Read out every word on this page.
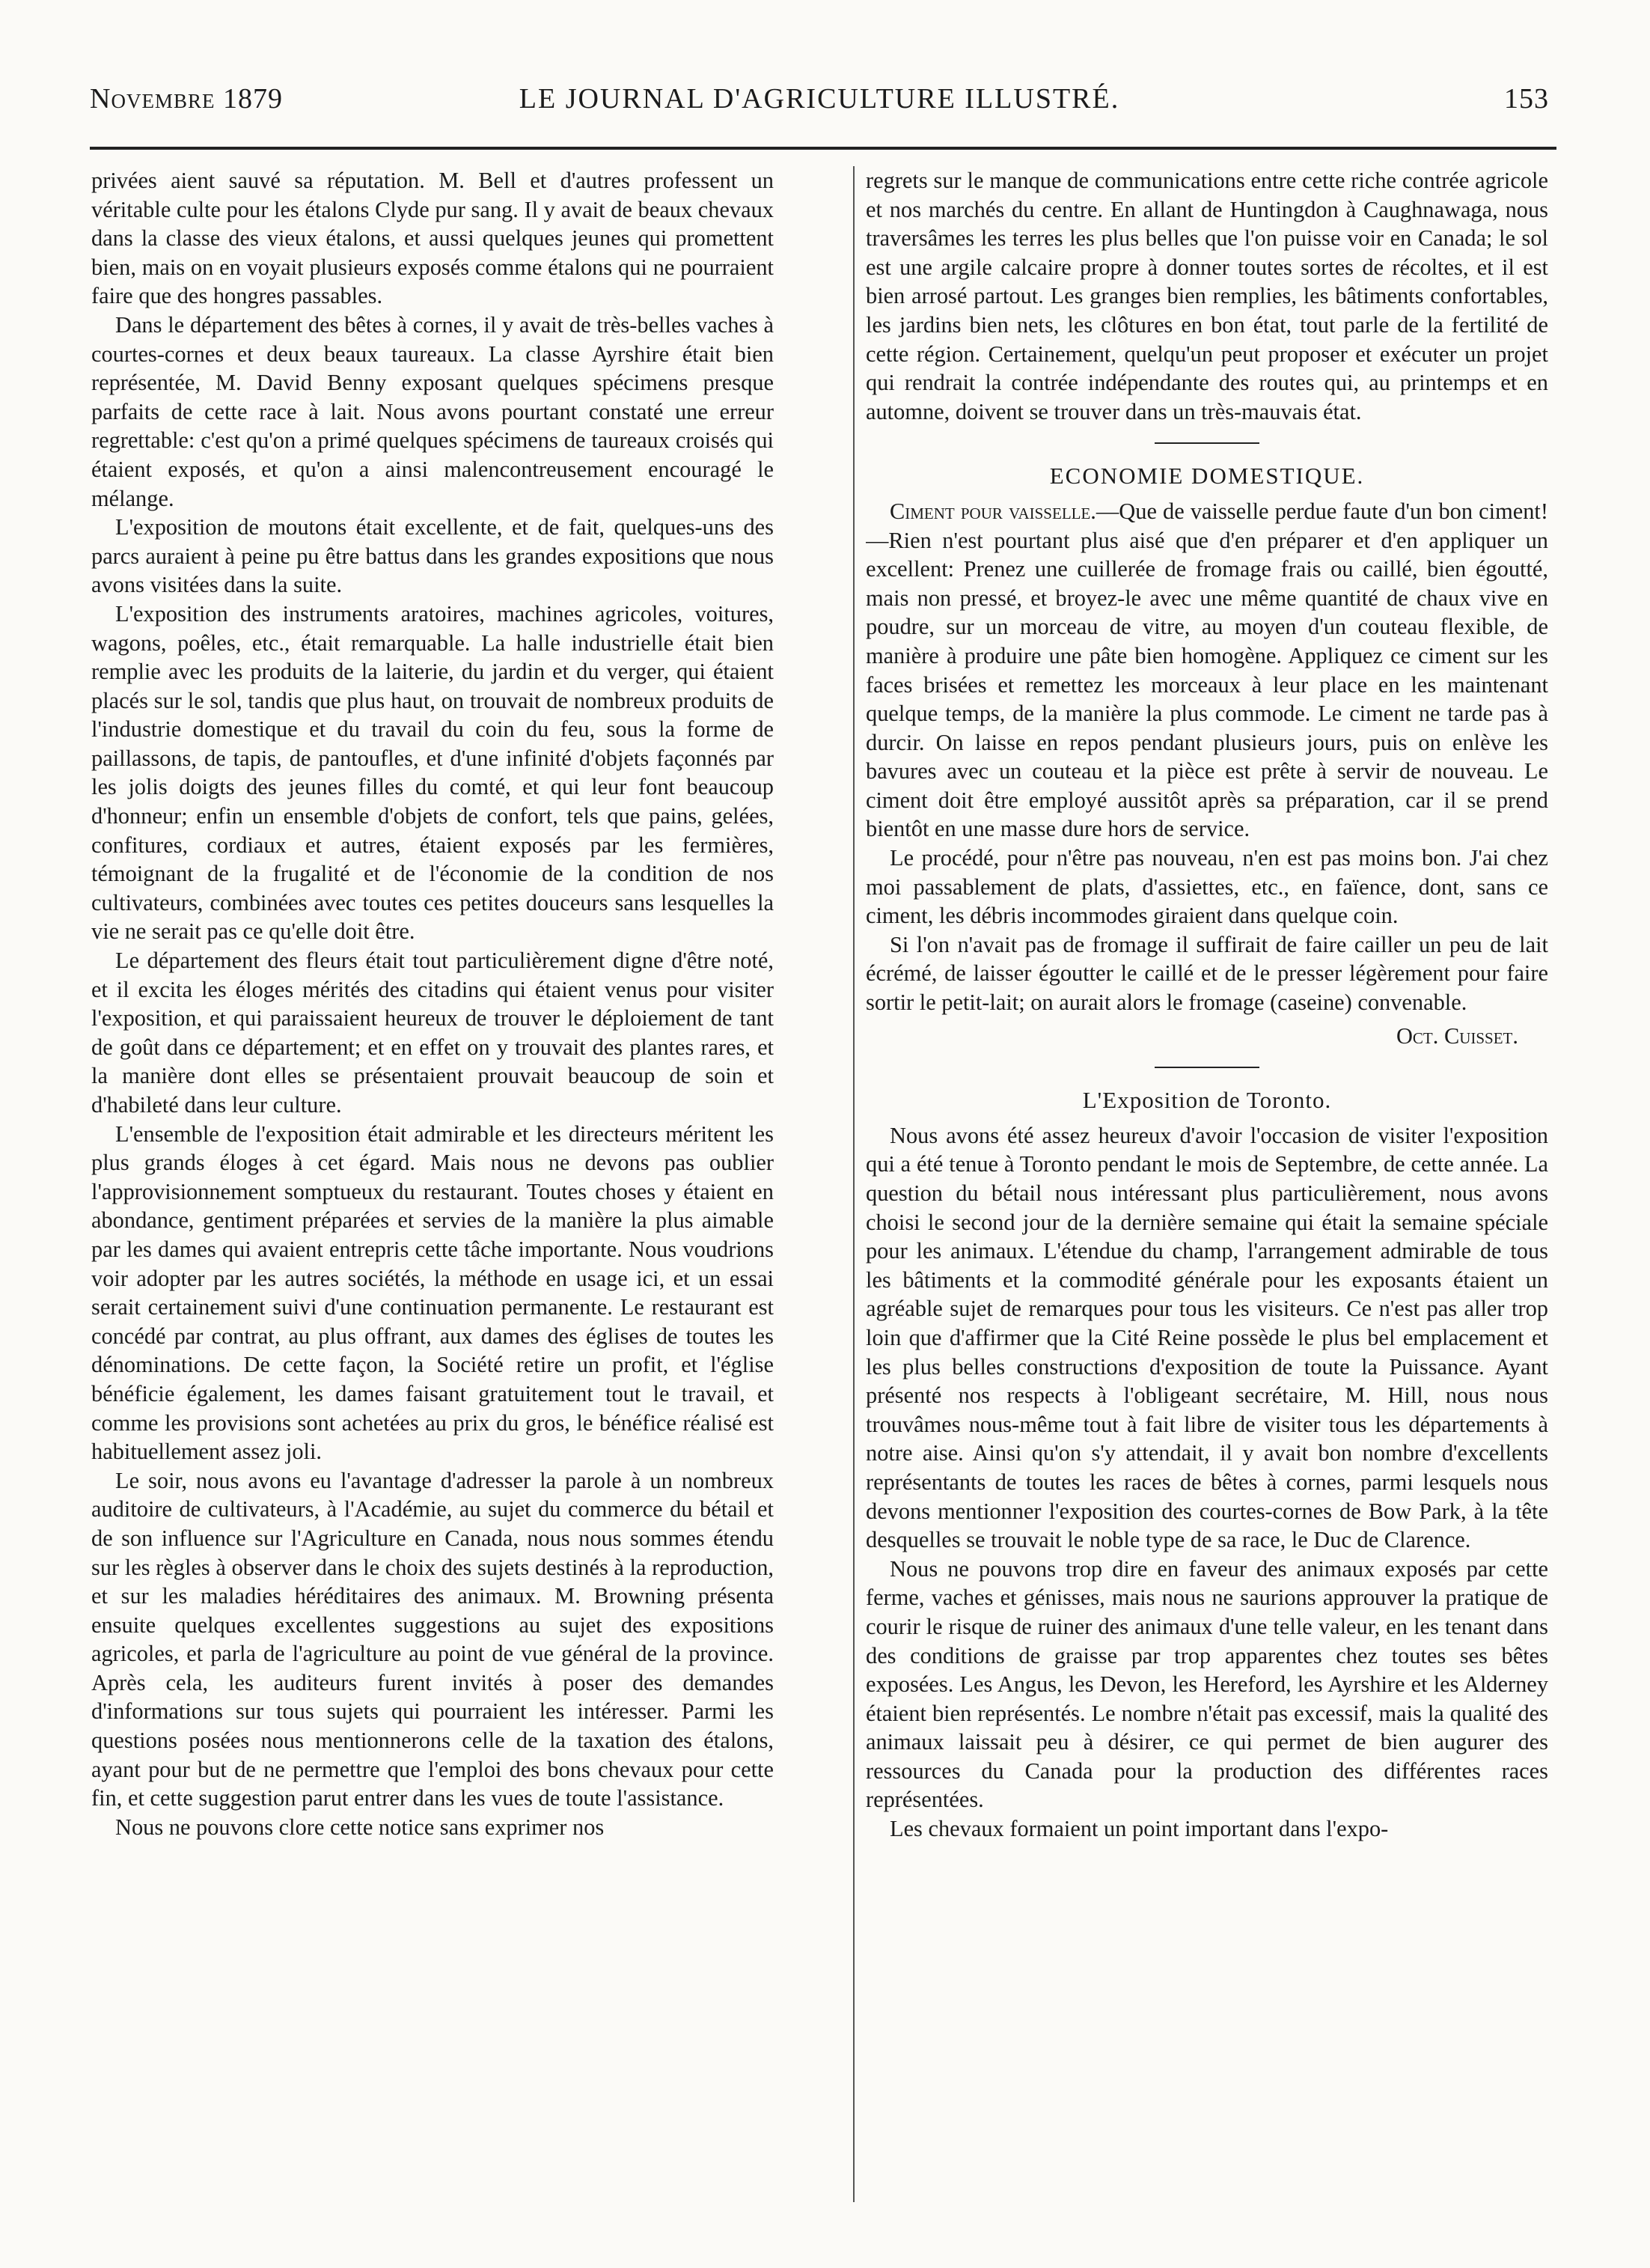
Novembre 1879	LE JOURNAL D'AGRICULTURE ILLUSTRÉ.	153

privées aient sauvé sa réputation. M. Bell et d'autres professent un véritable culte pour les étalons Clyde pur sang. Il y avait de beaux chevaux dans la classe des vieux étalons, et aussi quelques jeunes qui promettent bien, mais on en voyait plusieurs exposés comme étalons qui ne pourraient faire que des hongres passables.

Dans le département des bêtes à cornes, il y avait de très-belles vaches à courtes-cornes et deux beaux taureaux. La classe Ayrshire était bien représentée, M. David Benny exposant quelques spécimens presque parfaits de cette race à lait. Nous avons pourtant constaté une erreur regrettable: c'est qu'on a primé quelques spécimens de taureaux croisés qui étaient exposés, et qu'on a ainsi malencontreusement encouragé le mélange.

L'exposition de moutons était excellente, et de fait, quelques-uns des parcs auraient à peine pu être battus dans les grandes expositions que nous avons visitées dans la suite.

L'exposition des instruments aratoires, machines agricoles, voitures, wagons, poêles, etc., était remarquable. La halle industrielle était bien remplie avec les produits de la laiterie, du jardin et du verger, qui étaient placés sur le sol, tandis que plus haut, on trouvait de nombreux produits de l'industrie domestique et du travail du coin du feu, sous la forme de paillassons, de tapis, de pantoufles, et d'une infinité d'objets façonnés par les jolis doigts des jeunes filles du comté, et qui leur font beaucoup d'honneur; enfin un ensemble d'objets de confort, tels que pains, gelées, confitures, cordiaux et autres, étaient exposés par les fermières, témoignant de la frugalité et de l'économie de la condition de nos cultivateurs, combinées avec toutes ces petites douceurs sans lesquelles la vie ne serait pas ce qu'elle doit être.

Le département des fleurs était tout particulièrement digne d'être noté, et il excita les éloges mérités des citadins qui étaient venus pour visiter l'exposition, et qui paraissaient heureux de trouver le déploiement de tant de goût dans ce département; et en effet on y trouvait des plantes rares, et la manière dont elles se présentaient prouvait beaucoup de soin et d'habileté dans leur culture.

L'ensemble de l'exposition était admirable et les directeurs méritent les plus grands éloges à cet égard. Mais nous ne devons pas oublier l'approvisionnement somptueux du restaurant. Toutes choses y étaient en abondance, gentiment préparées et servies de la manière la plus aimable par les dames qui avaient entrepris cette tâche importante. Nous voudrions voir adopter par les autres sociétés, la méthode en usage ici, et un essai serait certainement suivi d'une continuation permanente. Le restaurant est concédé par contrat, au plus offrant, aux dames des églises de toutes les dénominations. De cette façon, la Société retire un profit, et l'église bénéficie également, les dames faisant gratuitement tout le travail, et comme les provisions sont achetées au prix du gros, le bénéfice réalisé est habituellement assez joli.

Le soir, nous avons eu l'avantage d'adresser la parole à un nombreux auditoire de cultivateurs, à l'Académie, au sujet du commerce du bétail et de son influence sur l'Agriculture en Canada, nous nous sommes étendu sur les règles à observer dans le choix des sujets destinés à la reproduction, et sur les maladies héréditaires des animaux. M. Browning présenta ensuite quelques excellentes suggestions au sujet des expositions agricoles, et parla de l'agriculture au point de vue général de la province. Après cela, les auditeurs furent invités à poser des demandes d'informations sur tous sujets qui pourraient les intéresser. Parmi les questions posées nous mentionnerons celle de la taxation des étalons, ayant pour but de ne permettre que l'emploi des bons chevaux pour cette fin, et cette suggestion parut entrer dans les vues de toute l'assistance.

Nous ne pouvons clore cette notice sans exprimer nos

regrets sur le manque de communications entre cette riche contrée agricole et nos marchés du centre. En allant de Huntingdon à Caughnawaga, nous traversâmes les terres les plus belles que l'on puisse voir en Canada; le sol est une argile calcaire propre à donner toutes sortes de récoltes, et il est bien arrosé partout. Les granges bien remplies, les bâtiments confortables, les jardins bien nets, les clôtures en bon état, tout parle de la fertilité de cette région. Certainement, quelqu'un peut proposer et exécuter un projet qui rendrait la contrée indépendante des routes qui, au printemps et en automne, doivent se trouver dans un très-mauvais état.

ECONOMIE DOMESTIQUE.

Ciment pour vaisselle.—Que de vaisselle perdue faute d'un bon ciment!—Rien n'est pourtant plus aisé que d'en préparer et d'en appliquer un excellent: Prenez une cuillerée de fromage frais ou caillé, bien égoutté, mais non pressé, et broyez-le avec une même quantité de chaux vive en poudre, sur un morceau de vitre, au moyen d'un couteau flexible, de manière à produire une pâte bien homogène. Appliquez ce ciment sur les faces brisées et remettez les morceaux à leur place en les maintenant quelque temps, de la manière la plus commode. Le ciment ne tarde pas à durcir. On laisse en repos pendant plusieurs jours, puis on enlève les bavures avec un couteau et la pièce est prête à servir de nouveau. Le ciment doit être employé aussitôt après sa préparation, car il se prend bientôt en une masse dure hors de service.

Le procédé, pour n'être pas nouveau, n'en est pas moins bon. J'ai chez moi passablement de plats, d'assiettes, etc., en faïence, dont, sans ce ciment, les débris incommodes giraient dans quelque coin.

Si l'on n'avait pas de fromage il suffirait de faire cailler un peu de lait écrémé, de laisser égoutter le caillé et de le presser légèrement pour faire sortir le petit-lait; on aurait alors le fromage (caseine) convenable.

Oct. Cuisset.
L'Exposition de Toronto.

Nous avons été assez heureux d'avoir l'occasion de visiter l'exposition qui a été tenue à Toronto pendant le mois de Septembre, de cette année. La question du bétail nous intéressant plus particulièrement, nous avons choisi le second jour de la dernière semaine qui était la semaine spéciale pour les animaux. L'étendue du champ, l'arrangement admirable de tous les bâtiments et la commodité générale pour les exposants étaient un agréable sujet de remarques pour tous les visiteurs. Ce n'est pas aller trop loin que d'affirmer que la Cité Reine possède le plus bel emplacement et les plus belles constructions d'exposition de toute la Puissance. Ayant présenté nos respects à l'obligeant secrétaire, M. Hill, nous nous trouvâmes nous-même tout à fait libre de visiter tous les départements à notre aise. Ainsi qu'on s'y attendait, il y avait bon nombre d'excellents représentants de toutes les races de bêtes à cornes, parmi lesquels nous devons mentionner l'exposition des courtes-cornes de Bow Park, à la tête desquelles se trouvait le noble type de sa race, le Duc de Clarence.

Nous ne pouvons trop dire en faveur des animaux exposés par cette ferme, vaches et génisses, mais nous ne saurions approuver la pratique de courir le risque de ruiner des animaux d'une telle valeur, en les tenant dans des conditions de graisse par trop apparentes chez toutes ses bêtes exposées. Les Angus, les Devon, les Hereford, les Ayrshire et les Alderney étaient bien représentés. Le nombre n'était pas excessif, mais la qualité des animaux laissait peu à désirer, ce qui permet de bien augurer des ressources du Canada pour la production des différentes races représentées.

Les chevaux formaient un point important dans l'expo-
